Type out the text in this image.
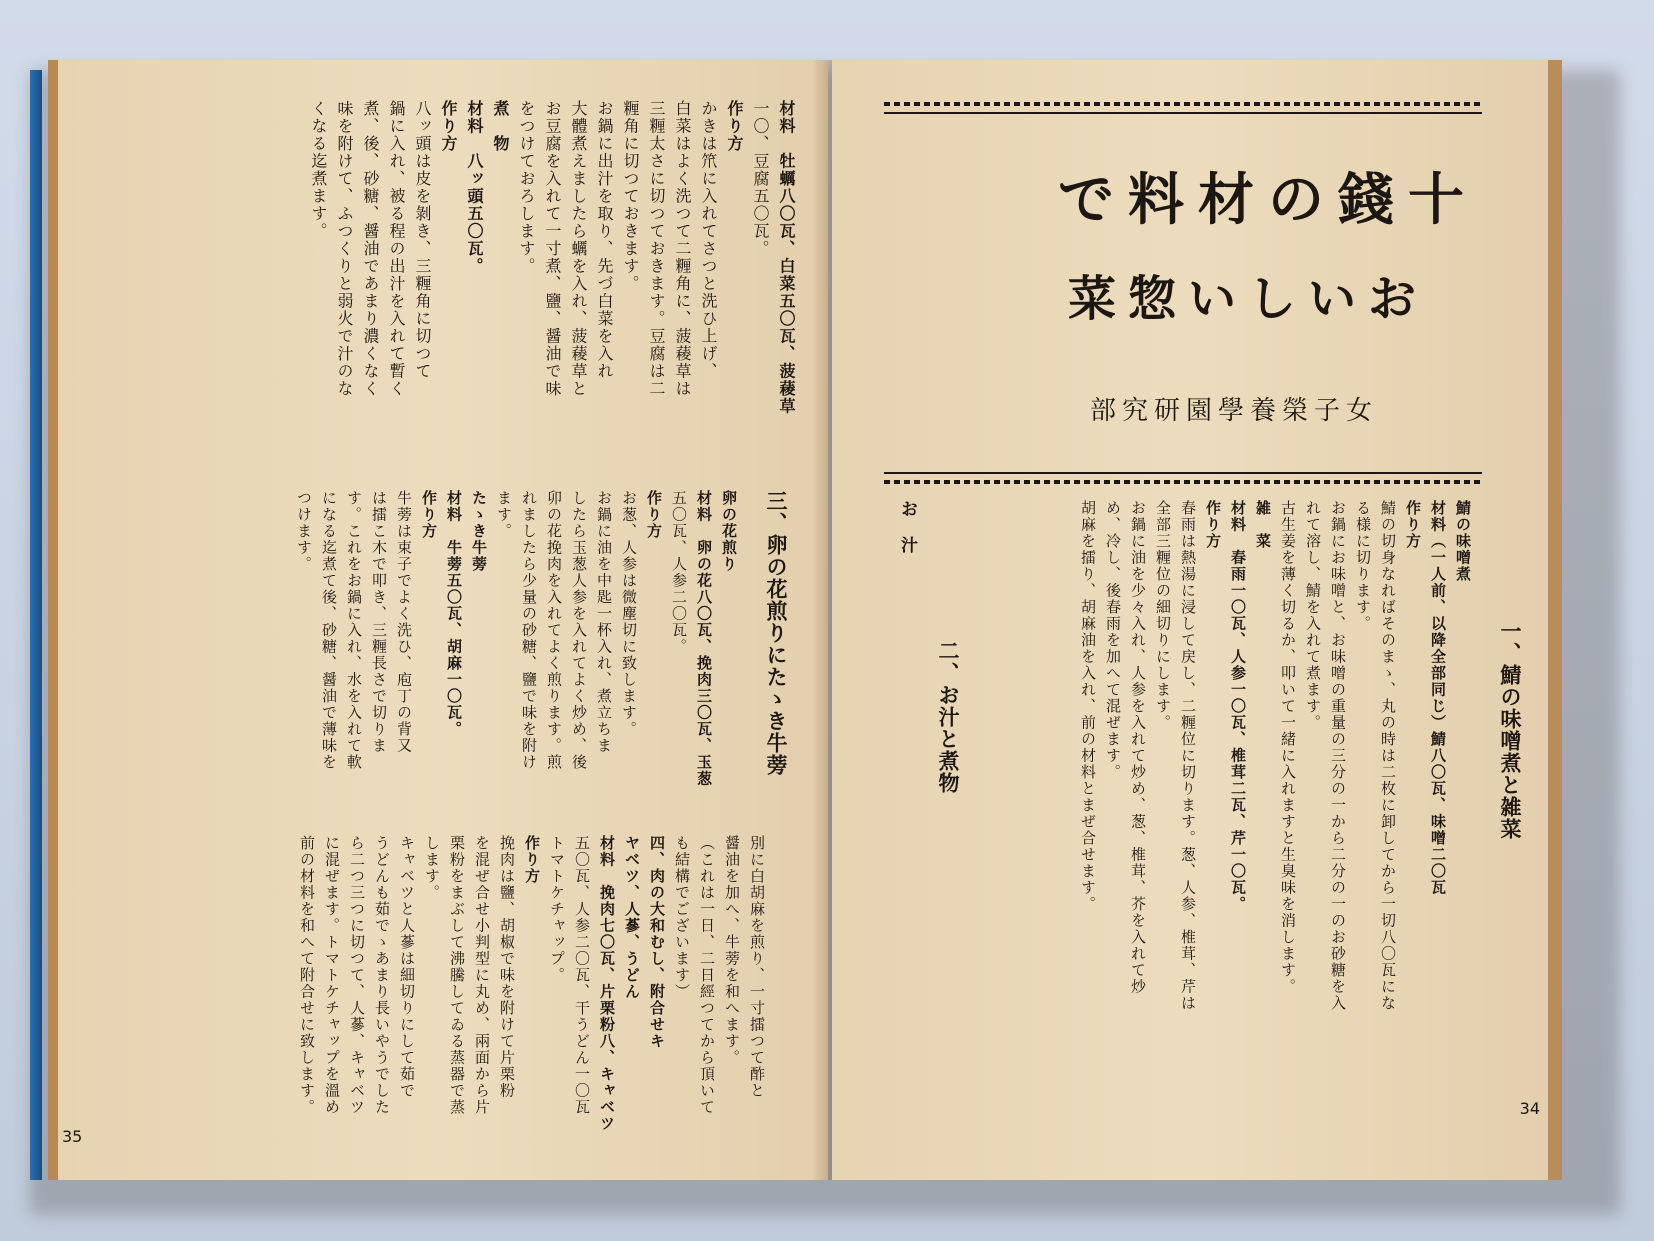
材料　牡蠣八〇瓦、白菜五〇瓦、菠薐草
一〇、豆腐五〇瓦。
作り方
かきは笊に入れてさつと洗ひ上げ、
白菜はよく洗つて二糎角に、菠薐草は
三糎太さに切つておきます。豆腐は二
糎角に切つておきます。
お鍋に出汁を取り、先づ白菜を入れ
大體煮えましたら蠣を入れ、菠薐草と
お豆腐を入れて一寸煮、鹽、醤油で味
をつけておろします。
煮　物
材料　八ッ頭五〇瓦。
作り方
八ッ頭は皮を剝き、三糎角に切つて
鍋に入れ、被る程の出汁を入れて暫く
煮、後、砂糖、醤油であまり濃くなく
味を附けて、ふつくりと弱火で汁のな
くなる迄煮ます。
三、卵の花煎りにたゝき牛蒡
卵の花煎り
材料　卵の花八〇瓦、挽肉三〇瓦、玉葱
五〇瓦、人参二〇瓦。
作り方
お葱、人参は微塵切に致します。
お鍋に油を中匙一杯入れ、煮立ちま
したら玉葱人参を入れてよく炒め、後
卯の花挽肉を入れてよく煎ります。煎
れましたら少量の砂糖、鹽で味を附け
ます。
たゝき牛蒡
材料　牛蒡五〇瓦、胡麻一〇瓦。
作り方
牛蒡は束子でよく洗ひ、庖丁の背又
は擂こ木で叩き、三糎長さで切りま
す。これをお鍋に入れ、水を入れて軟
になる迄煮て後、砂糖、醤油で薄味を
つけます。
別に白胡麻を煎り、一寸擂つて酢と
醤油を加へ、牛蒡を和へます。
（これは一日、二日經つてから頂いて
も結構でございます）
四、肉の大和むし、附合せキ
ヤベツ、人蔘、うどん
材料　挽肉七〇瓦、片栗粉八、キャベツ
五〇瓦、人参二〇瓦、干うどん一〇瓦
トマトケチャップ。
作り方
挽肉は鹽、胡椒で味を附けて片栗粉
を混ぜ合せ小判型に丸め、兩面から片
栗粉をまぶして沸騰してゐる蒸器で蒸
します。
キャベツと人蔘は細切りにして茹で
うどんも茹でゝあまり長いやうでした
ら二つ三つに切つて、人蔘、キャベツ
に混ぜます。トマトケチャップを溫め
前の材料を和へて附合せに致します。
35
十錢の材料で
おいしい惣菜
女子榮養學園研究部
一、鯖の味噌煮と雑菜
鯖の味噌煮
材料（一人前、以降全部同じ）鯖八〇瓦、味噌二〇瓦
作り方
鯖の切身なればそのまゝ、丸の時は二枚に卸してから一切八〇瓦にな
る様に切ります。
お鍋にお味噌と、お味噌の重量の三分の一から二分の一のお砂糖を入
れて溶し、鯖を入れて煮ます。
古生姜を薄く切るか、叩いて一緒に入れますと生臭味を消します。
雑　菜
材料　春雨一〇瓦、人参一〇瓦、椎茸二瓦、芹一〇瓦。
作り方
春雨は熱湯に浸して戻し、二糎位に切ります。葱、人参、椎茸、芹は
全部三糎位の細切りにします。
お鍋に油を少々入れ、人参を入れて炒め、葱、椎茸、芥を入れて炒
め、冷し、後春雨を加へて混ぜます。
胡麻を擂り、胡麻油を入れ、前の材料とまぜ合せます。
二、お汁と煮物
お　汁
34
